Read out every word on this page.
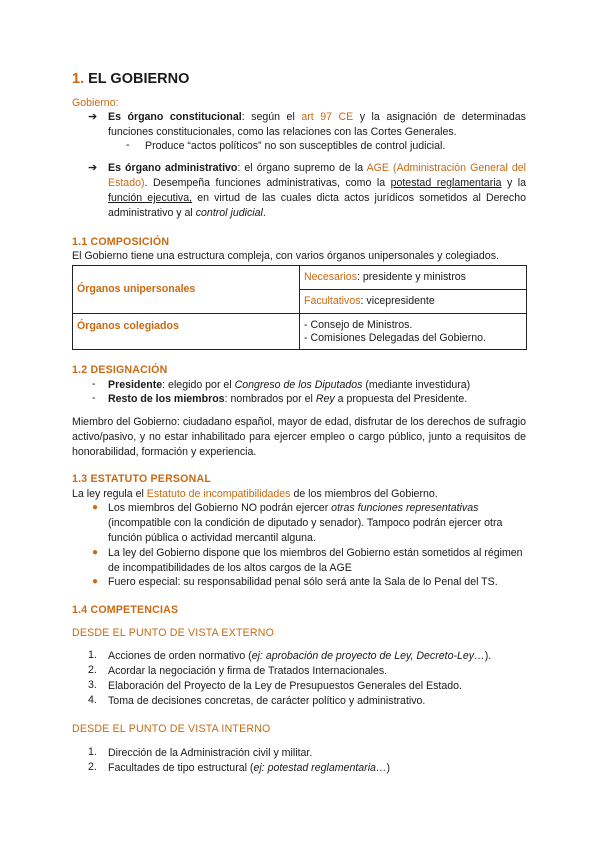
1. EL GOBIERNO
Gobierno:
➔ Es órgano constitucional: según el art 97 CE y la asignación de determinadas funciones constitucionales, como las relaciones con las Cortes Generales.
- Produce “actos políticos” no son susceptibles de control judicial.
➔ Es órgano administrativo: el órgano supremo de la AGE (Administración General del Estado). Desempeña funciones administrativas, como la potestad reglamentaria y la función ejecutiva, en virtud de las cuales dicta actos jurídicos sometidos al Derecho administrativo y al control judicial.
1.1 COMPOSICIÓN
El Gobierno tiene una estructura compleja, con varios órganos unipersonales y colegiados.
Órganos unipersonales	Necesarios: presidente y ministros
	Facultativos: vicepresidente
Órganos colegiados	- Consejo de Ministros.
- Comisiones Delegadas del Gobierno.
1.2 DESIGNACIÓN
- Presidente: elegido por el Congreso de los Diputados (mediante investidura)
- Resto de los miembros: nombrados por el Rey a propuesta del Presidente.
Miembro del Gobierno: ciudadano español, mayor de edad, disfrutar de los derechos de sufragio activo/pasivo, y no estar inhabilitado para ejercer empleo o cargo público, junto a requisitos de honorabilidad, formación y experiencia.
1.3 ESTATUTO PERSONAL
La ley regula el Estatuto de incompatibilidades de los miembros del Gobierno.
● Los miembros del Gobierno NO podrán ejercer otras funciones representativas (incompatible con la condición de diputado y senador). Tampoco podrán ejercer otra función pública o actividad mercantil alguna.
● La ley del Gobierno dispone que los miembros del Gobierno están sometidos al régimen de incompatibilidades de los altos cargos de la AGE
● Fuero especial: su responsabilidad penal sólo será ante la Sala de lo Penal del TS.
1.4 COMPETENCIAS
DESDE EL PUNTO DE VISTA EXTERNO
1. Acciones de orden normativo (ej: aprobación de proyecto de Ley, Decreto-Ley…).
2. Acordar la negociación y firma de Tratados Internacionales.
3. Elaboración del Proyecto de la Ley de Presupuestos Generales del Estado.
4. Toma de decisiones concretas, de carácter político y administrativo.
DESDE EL PUNTO DE VISTA INTERNO
1. Dirección de la Administración civil y militar.
2. Facultades de tipo estructural (ej: potestad reglamentaria…)
